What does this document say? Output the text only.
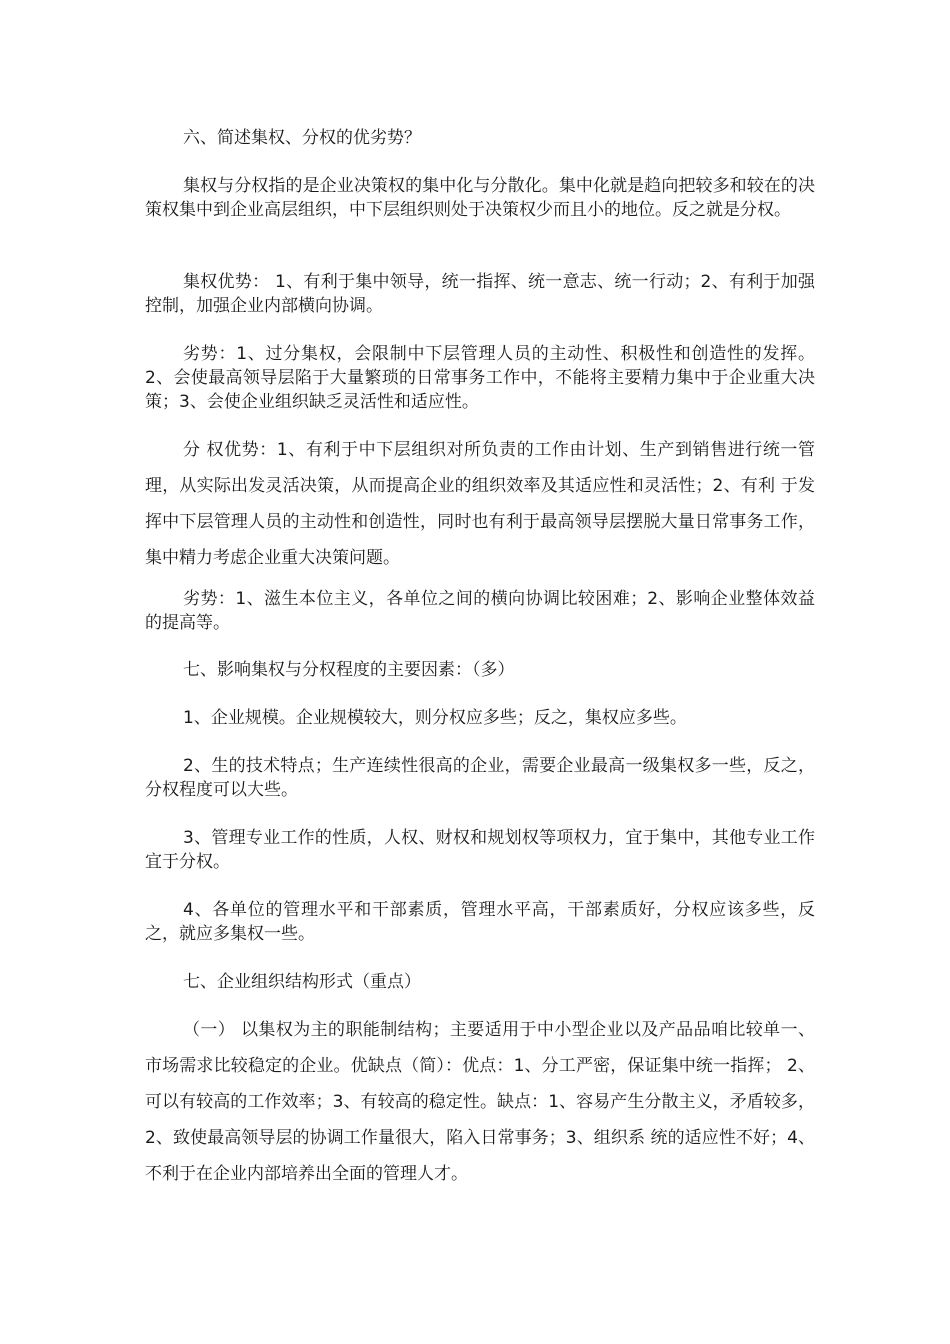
六、简述集权、分权的优劣势？

集权与分权指的是企业决策权的集中化与分散化。集中化就是趋向把较多和较在的决策权集中到企业高层组织，中下层组织则处于决策权少而且小的地位。反之就是分权。

集权优势： 1、有利于集中领导，统一指挥、统一意志、统一行动；2、有利于加强控制，加强企业内部横向协调。

劣势：1、过分集权，会限制中下层管理人员的主动性、积极性和创造性的发挥。2、会使最高领导层陷于大量繁琐的日常事务工作中，不能将主要精力集中于企业重大决策；3、会使企业组织缺乏灵活性和适应性。

分 权优势：1、有利于中下层组织对所负责的工作由计划、生产到销售进行统一管理，从实际出发灵活决策，从而提高企业的组织效率及其适应性和灵活性；2、有利 于发挥中下层管理人员的主动性和创造性，同时也有利于最高领导层摆脱大量日常事务工作，集中精力考虑企业重大决策问题。

劣势：1、滋生本位主义，各单位之间的横向协调比较困难；2、影响企业整体效益的提高等。

七、影响集权与分权程度的主要因素：（多）

1、企业规模。企业规模较大，则分权应多些；反之，集权应多些。

2、生的技术特点；生产连续性很高的企业，需要企业最高一级集权多一些，反之，分权程度可以大些。

3、管理专业工作的性质，人权、财权和规划权等项权力，宜于集中，其他专业工作宜于分权。

4、各单位的管理水平和干部素质，管理水平高，干部素质好，分权应该多些，反之，就应多集权一些。

七、企业组织结构形式（重点）

（一） 以集权为主的职能制结构；主要适用于中小型企业以及产品品咱比较单一、市场需求比较稳定的企业。优缺点（简）：优点：1、分工严密，保证集中统一指挥； 2、可以有较高的工作效率；3、有较高的稳定性。缺点：1、容易产生分散主义，矛盾较多，2、致使最高领导层的协调工作量很大，陷入日常事务；3、组织系 统的适应性不好；4、不利于在企业内部培养出全面的管理人才。
